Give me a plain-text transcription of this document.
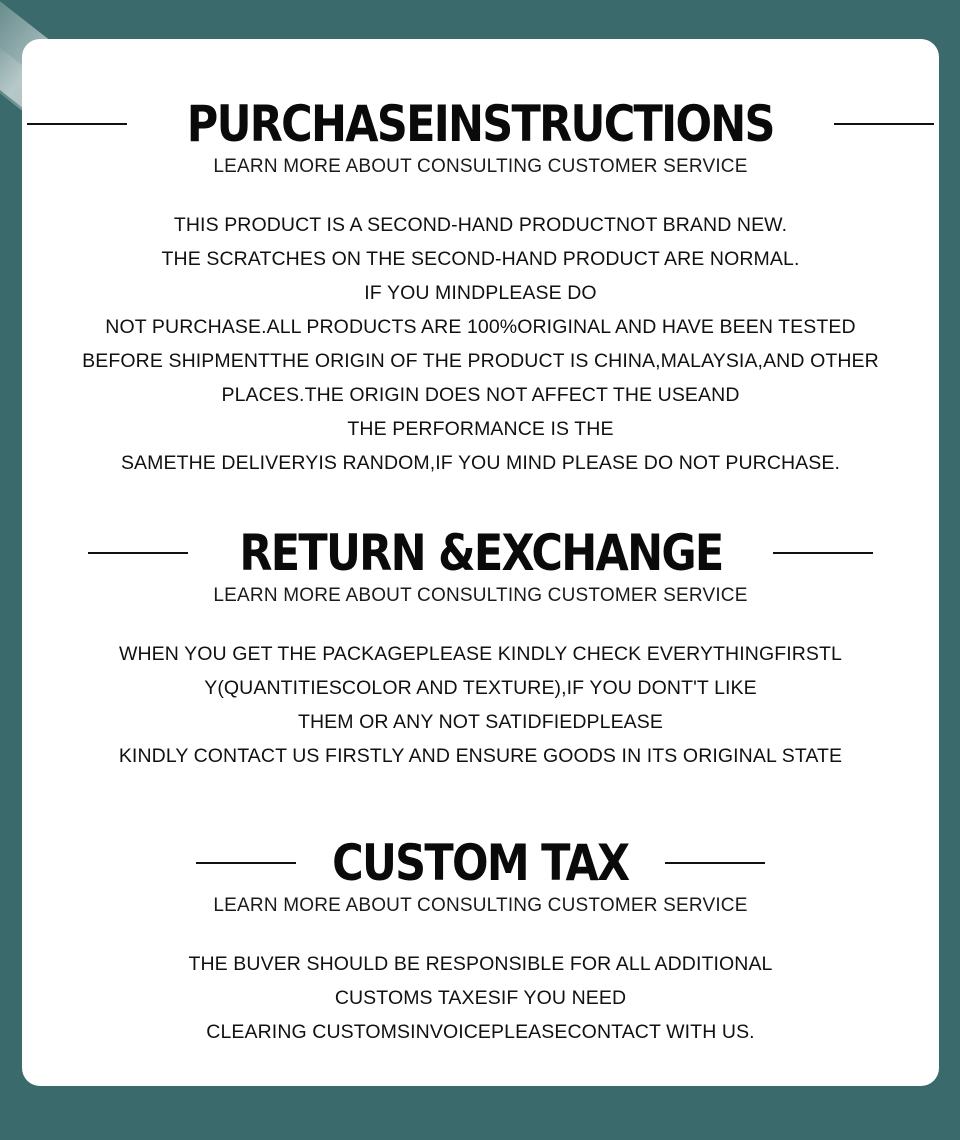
PURCHASEINSTRUCTIONS
LEARN MORE ABOUT CONSULTING CUSTOMER SERVICE
THIS PRODUCT IS A SECOND-HAND PRODUCTNOT BRAND NEW.
THE SCRATCHES ON THE SECOND-HAND PRODUCT ARE NORMAL.
IF YOU MINDPLEASE DO
NOT PURCHASE.ALL PRODUCTS ARE 100%ORIGINAL AND HAVE BEEN TESTED
BEFORE SHIPMENTTHE ORIGIN OF THE PRODUCT IS CHINA,MALAYSIA,AND OTHER
PLACES.THE ORIGIN DOES NOT AFFECT THE USEAND
THE PERFORMANCE IS THE
SAMETHE DELIVERYIS RANDOM,IF YOU MIND PLEASE DO NOT PURCHASE.
RETURN &EXCHANGE
LEARN MORE ABOUT CONSULTING CUSTOMER SERVICE
WHEN YOU GET THE PACKAGEPLEASE KINDLY CHECK EVERYTHINGFIRSTL
Y(QUANTITIESCOLOR AND TEXTURE),IF YOU DONT'T LIKE
THEM OR ANY NOT SATIDFIEDPLEASE
KINDLY CONTACT US FIRSTLY AND ENSURE GOODS IN ITS ORIGINAL STATE
CUSTOM TAX
LEARN MORE ABOUT CONSULTING CUSTOMER SERVICE
THE BUVER SHOULD BE RESPONSIBLE FOR ALL ADDITIONAL
CUSTOMS TAXESIF YOU NEED
CLEARING CUSTOMSINVOICEPLEASECONTACT WITH US.
